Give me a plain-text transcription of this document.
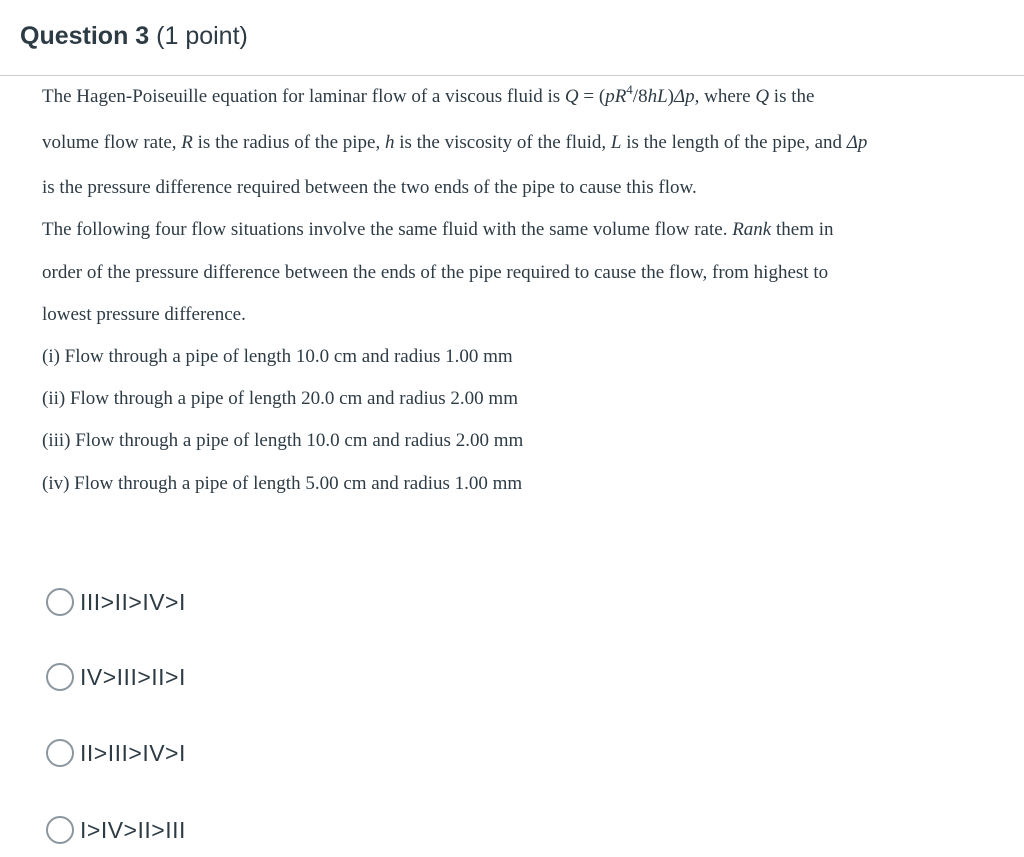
Question 3 (1 point)
The Hagen-Poiseuille equation for laminar flow of a viscous fluid is $Q = (pR^4/8hL)\Delta p$, where Q is the
volume flow rate, R is the radius of the pipe, h is the viscosity of the fluid, L is the length of the pipe, and Δp
is the pressure difference required between the two ends of the pipe to cause this flow.
The following four flow situations involve the same fluid with the same volume flow rate. Rank them in
order of the pressure difference between the ends of the pipe required to cause the flow, from highest to
lowest pressure difference.
(i) Flow through a pipe of length 10.0 cm and radius 1.00 mm
(ii) Flow through a pipe of length 20.0 cm and radius 2.00 mm
(iii) Flow through a pipe of length 10.0 cm and radius 2.00 mm
(iv) Flow through a pipe of length 5.00 cm and radius 1.00 mm
III>II>IV>I
IV>III>II>I
II>III>IV>I
I>IV>II>III
